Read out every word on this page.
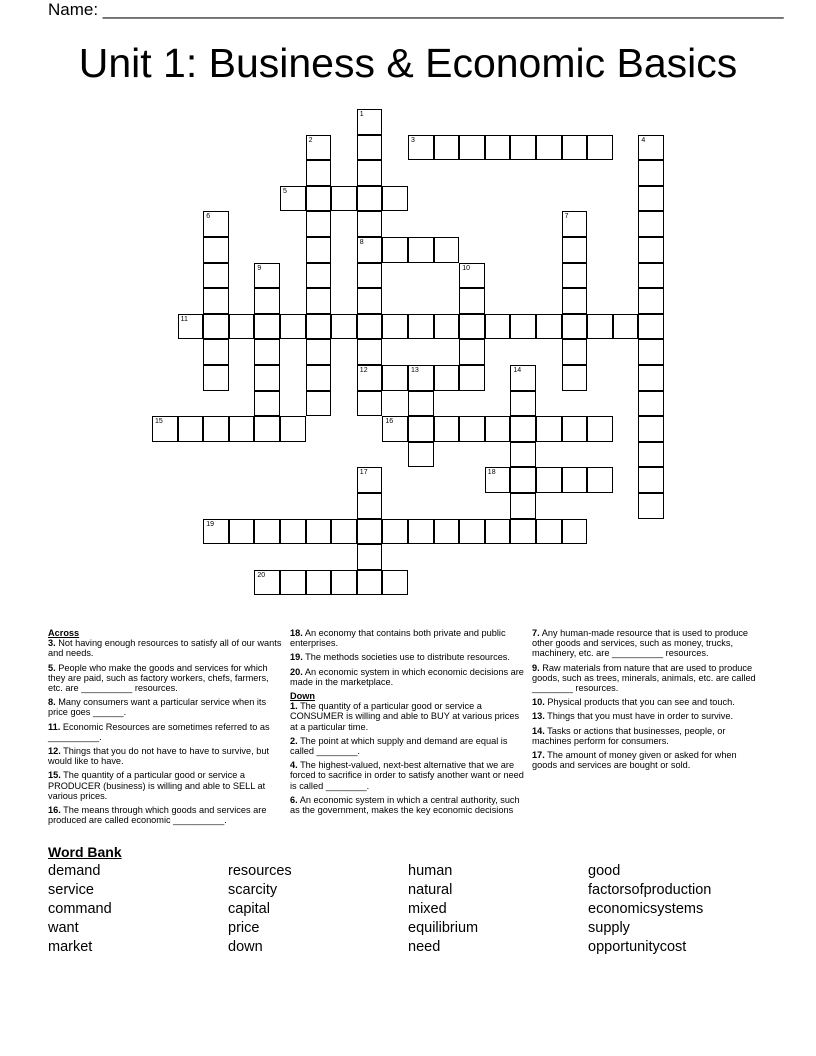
Name: ________________________________________________________________________
Unit 1: Business & Economic Basics
1
8
12
2	3	4
5
6	7
9	10
11
13	14
15	16
17	18
19
20

Across

3. Not having enough resources to satisfy all of our wants and needs.
5. People who make the goods and services for which they are paid, such as factory workers, chefs, farmers, etc. are __________ resources.
8. Many consumers want a particular service when its price goes ______.
11. Economic Resources are sometimes referred to as __________.
12. Things that you do not have to have to survive, but would like to have.
15. The quantity of a particular good or service a PRODUCER (business) is willing and able to SELL at various prices.
16. The means through which goods and services are produced are called economic __________.
18. An economy that contains both private and public enterprises.
19. The methods societies use to distribute resources.
20. An economic system in which economic decisions are made in the marketplace.

Down

1. The quantity of a particular good or service a CONSUMER is willing and able to BUY at various prices at a particular time.
2. The point at which supply and demand are equal is called ________.
4. The highest-valued, next-best alternative that we are forced to sacrifice in order to satisfy another want or need is called ________.
6. An economic system in which a central authority, such as the government, makes the key economic decisions
7. Any human-made resource that is used to produce other goods and services, such as money, trucks, machinery, etc. are __________ resources.
9. Raw materials from nature that are used to produce goods, such as trees, minerals, animals, etc. are called ________ resources.
10. Physical products that you can see and touch.
13. Things that you must have in order to survive.
14. Tasks or actions that businesses, people, or machines perform for consumers.
17. The amount of money given or asked for when goods and services are bought or sold.

Word Bank

demand
service
command
want
market
resources
scarcity
capital
price
down
human
natural
mixed
equilibrium
need
good
factorsofproduction
economicsystems
supply
opportunitycost
